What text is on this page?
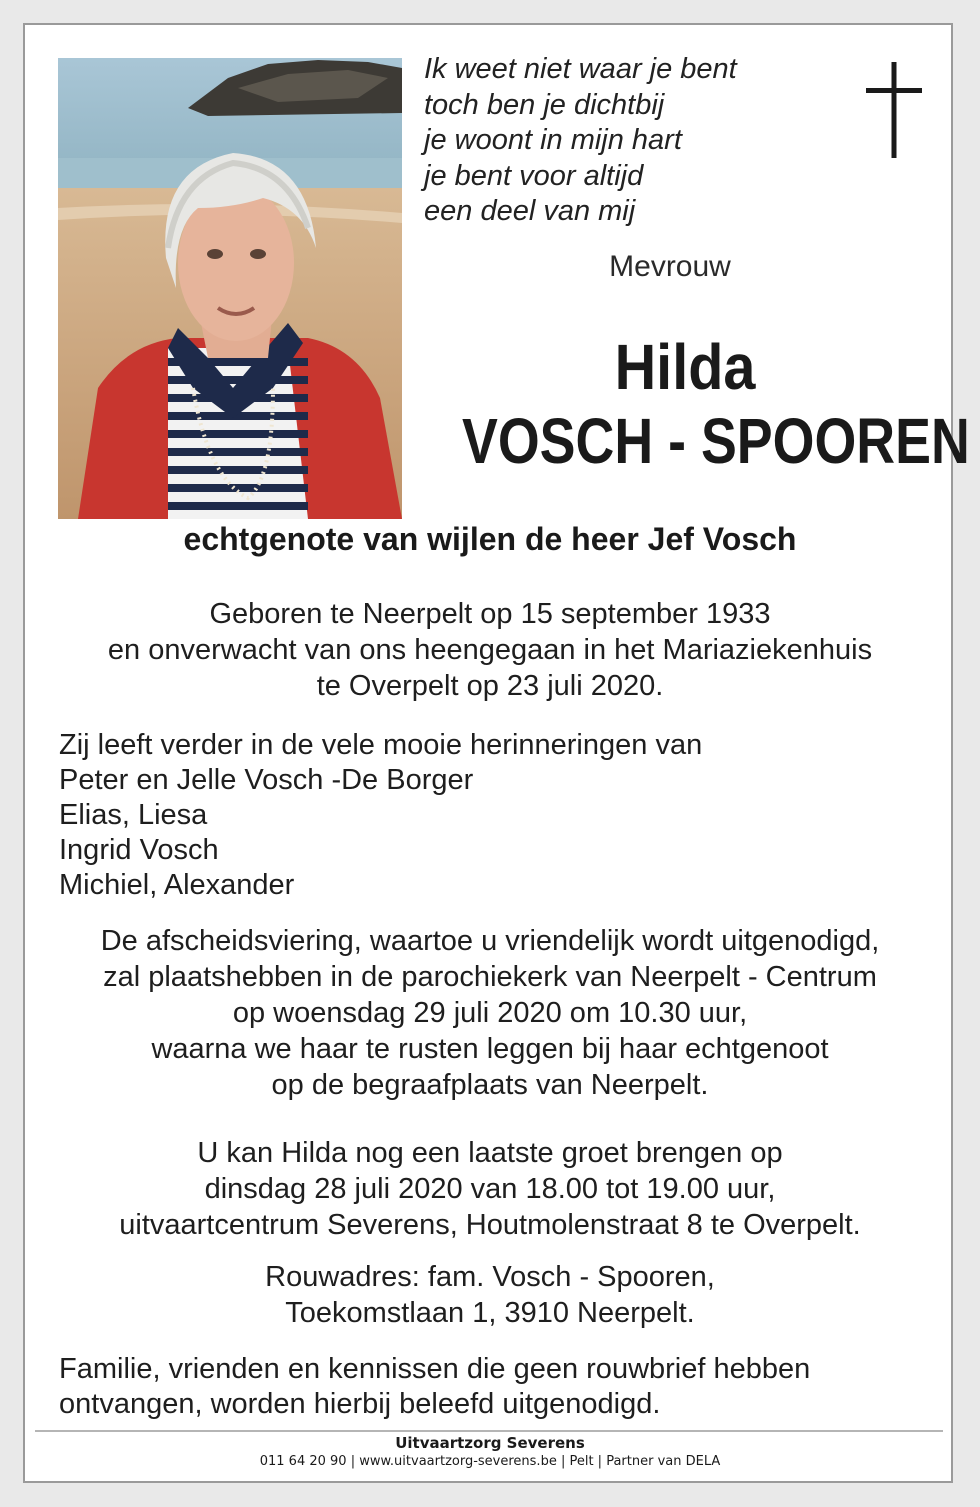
Ik weet niet waar je bent
toch ben je dichtbij
je woont in mijn hart
je bent voor altijd
een deel van mij
Mevrouw
Hilda
VOSCH - SPOOREN
echtgenote van wijlen de heer Jef Vosch
Geboren te Neerpelt op 15 september 1933
en onverwacht van ons heengegaan in het Mariaziekenhuis
te Overpelt op 23 juli 2020.
Zij leeft verder in de vele mooie herinneringen van
Peter en Jelle Vosch -De Borger
Elias, Liesa
Ingrid Vosch
Michiel, Alexander
De afscheidsviering, waartoe u vriendelijk wordt uitgenodigd,
zal plaatshebben in de parochiekerk van Neerpelt - Centrum
op woensdag 29 juli 2020 om 10.30 uur,
waarna we haar te rusten leggen bij haar echtgenoot
op de begraafplaats van Neerpelt.
U kan Hilda nog een laatste groet brengen op
dinsdag 28 juli 2020 van 18.00 tot 19.00 uur,
uitvaartcentrum Severens, Houtmolenstraat 8 te Overpelt.
Rouwadres: fam. Vosch - Spooren,
Toekomstlaan 1, 3910 Neerpelt.
Familie, vrienden en kennissen die geen rouwbrief hebben
ontvangen, worden hierbij beleefd uitgenodigd.
Uitvaartzorg Severens
011 64 20 90 | www.uitvaartzorg-severens.be | Pelt | Partner van DELA
